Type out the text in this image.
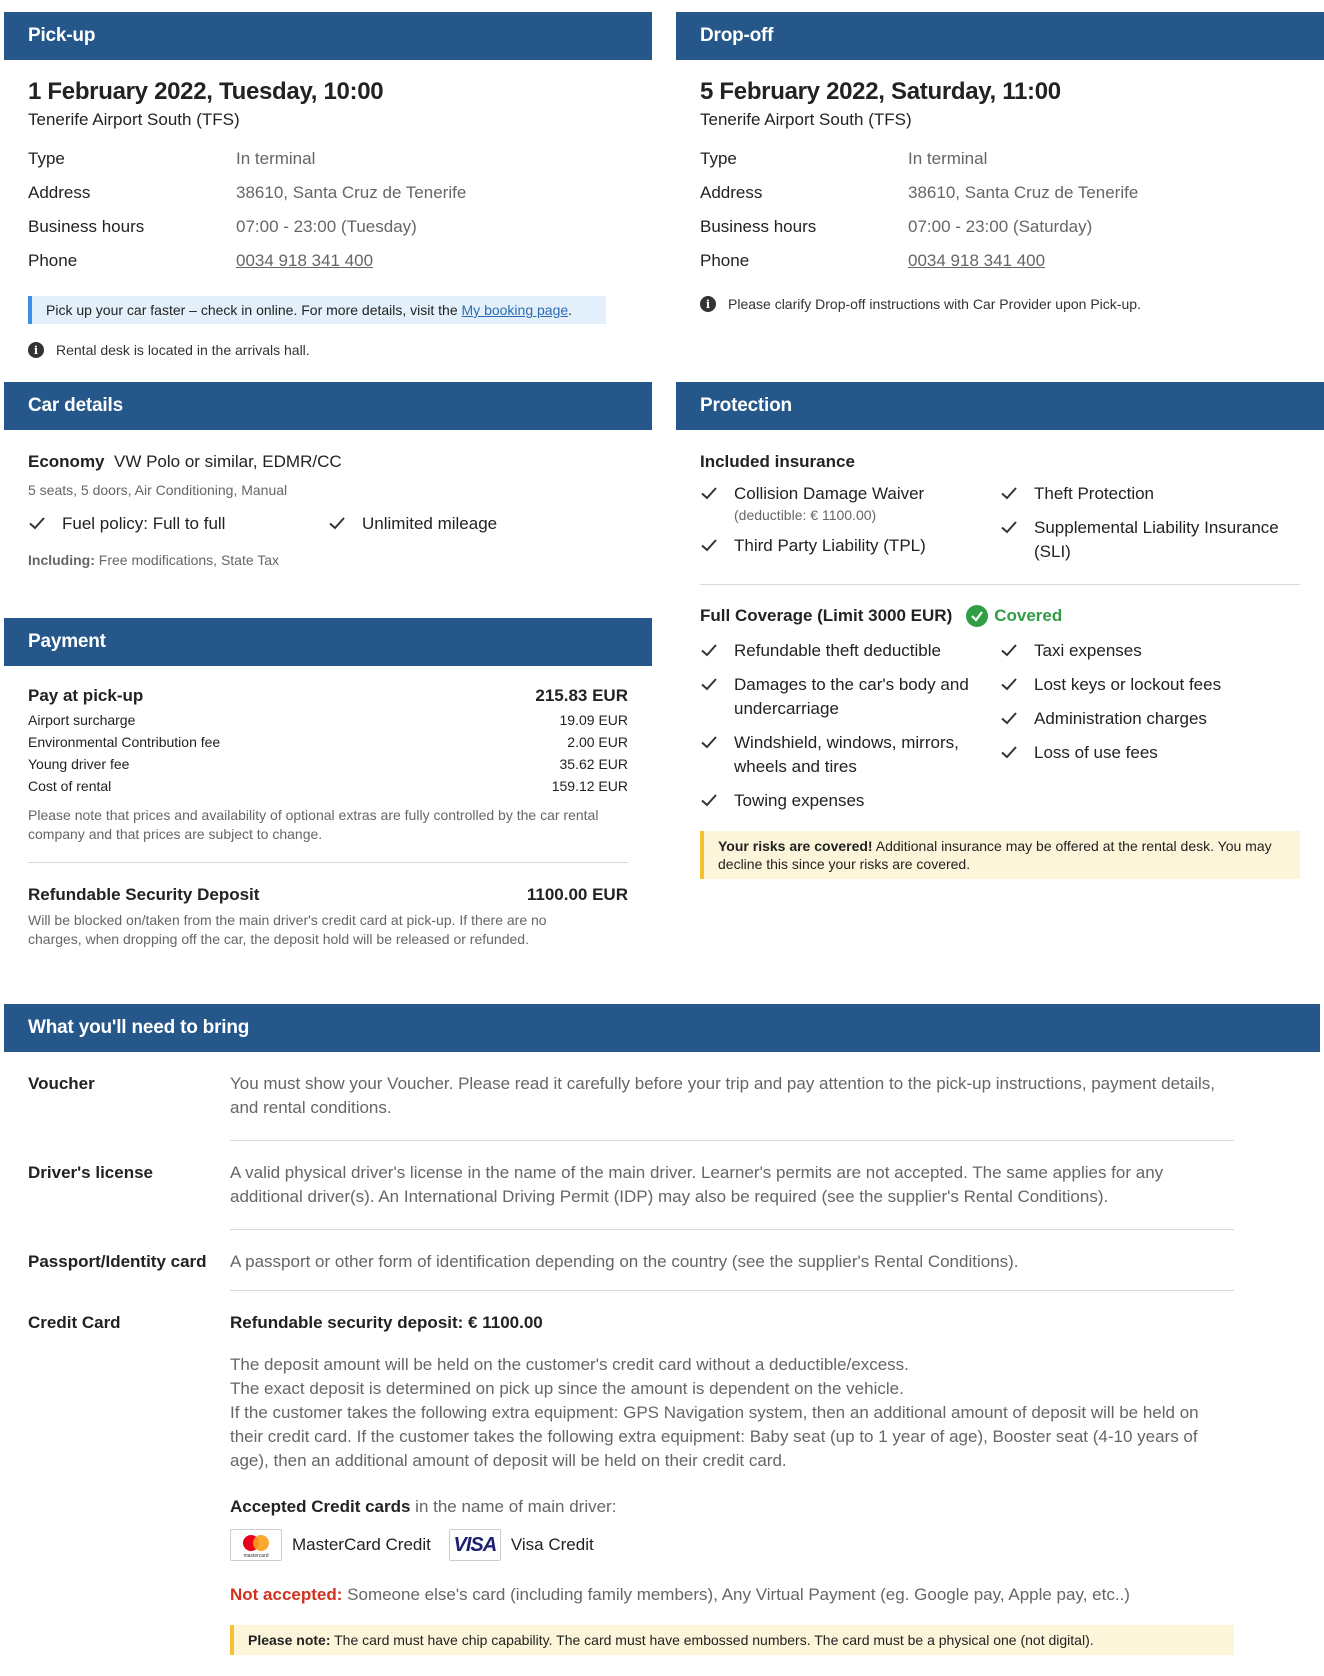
Pick-up
1 February 2022, Tuesday, 10:00
Tenerife Airport South (TFS)
Type	In terminal
Address	38610, Santa Cruz de Tenerife
Business hours	07:00 - 23:00 (Tuesday)
Phone	0034 918 341 400
Pick up your car faster – check in online. For more details, visit the My booking page.
i	Rental desk is located in the arrivals hall.
Drop-off
5 February 2022, Saturday, 11:00
Tenerife Airport South (TFS)
Type	In terminal
Address	38610, Santa Cruz de Tenerife
Business hours	07:00 - 23:00 (Saturday)
Phone	0034 918 341 400
i	Please clarify Drop-off instructions with Car Provider upon Pick-up.
Car details
Economy VW Polo or similar, EDMR/CC
5 seats, 5 doors, Air Conditioning, Manual
Fuel policy: Full to full	Unlimited mileage
Including: Free modifications, State Tax
Payment
Pay at pick-up	215.83 EUR
Airport surcharge	19.09 EUR
Environmental Contribution fee	2.00 EUR
Young driver fee	35.62 EUR
Cost of rental	159.12 EUR
Please note that prices and availability of optional extras are fully controlled by the car rental company and that prices are subject to change.
Refundable Security Deposit	1100.00 EUR
Will be blocked on/taken from the main driver's credit card at pick-up. If there are no charges, when dropping off the car, the deposit hold will be released or refunded.
Protection
Included insurance
Collision Damage Waiver
(deductible: € 1100.00)
Third Party Liability (TPL)
Theft Protection
Supplemental Liability Insurance (SLI)
Full Coverage (Limit 3000 EUR) Covered
Refundable theft deductible
Damages to the car's body and undercarriage
Windshield, windows, mirrors, wheels and tires
Towing expenses
Taxi expenses
Lost keys or lockout fees
Administration charges
Loss of use fees
Your risks are covered! Additional insurance may be offered at the rental desk. You may decline this since your risks are covered.
What you'll need to bring
Voucher	You must show your Voucher. Please read it carefully before your trip and pay attention to the pick-up instructions, payment details, and rental conditions.
Driver's license	A valid physical driver's license in the name of the main driver. Learner's permits are not accepted. The same applies for any additional driver(s). An International Driving Permit (IDP) may also be required (see the supplier's Rental Conditions).
Passport/Identity card	A passport or other form of identification depending on the country (see the supplier's Rental Conditions).
Credit Card	Refundable security deposit: € 1100.00
The deposit amount will be held on the customer's credit card without a deductible/excess.
The exact deposit is determined on pick up since the amount is dependent on the vehicle.
If the customer takes the following extra equipment: GPS Navigation system, then an additional amount of deposit will be held on their credit card. If the customer takes the following extra equipment: Baby seat (up to 1 year of age), Booster seat (4-10 years of age), then an additional amount of deposit will be held on their credit card.
Accepted Credit cards in the name of main driver:
mastercard
MasterCard Credit VISA Visa Credit
Not accepted: Someone else's card (including family members), Any Virtual Payment (eg. Google pay, Apple pay, etc..)
Please note: The card must have chip capability. The card must have embossed numbers. The card must be a physical one (not digital).
